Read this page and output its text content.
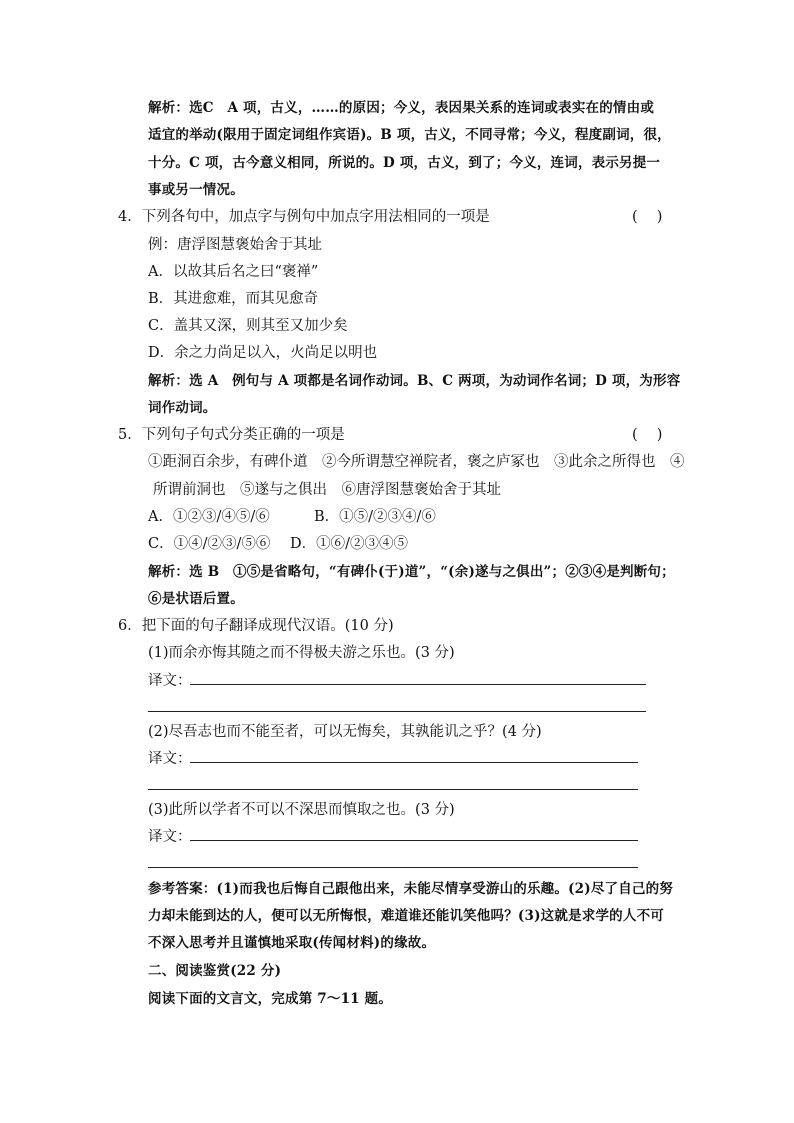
解析：选C　A 项，古义，……的原因；今义，表因果关系的连词或表实在的情由或
适宜的举动(限用于固定词组作宾语)。B 项，古义，不同寻常；今义，程度副词，很，
十分。C 项，古今意义相同，所说的。D 项，古义，到了；今义，连词，表示另提一
事或另一情况。
4．下列各句中，加点字与例句中加点字用法相同的一项是	(　 )
例：唐浮图慧褒始舍于其址
A．以故其后名之曰“褒禅”
B．其进愈难，而其见愈奇
C．盖其又深，则其至又加少矣
D．余之力尚足以入，火尚足以明也
解析：选 A　例句与 A 项都是名词作动词。B、C 两项，为动词作名词；D 项，为形容
词作动词。
5．下列句子句式分类正确的一项是	(　 )
①距洞百余步，有碑仆道　②今所谓慧空禅院者，褒之庐冢也　③此余之所得也　④
所谓前洞也　⑤遂与之俱出　⑥唐浮图慧褒始舍于其址
A．①②③/④⑤/⑥	B．①⑤/②③④/⑥
C．①④/②③/⑤⑥ D．①⑥/②③④⑤
解析：选 B　①⑤是省略句，“有碑仆(于)道”，“(余)遂与之俱出”；②③④是判断句；
⑥是状语后置。
6．把下面的句子翻译成现代汉语。(10 分)
(1)而余亦悔其随之而不得极夫游之乐也。(3 分)
译文：
(2)尽吾志也而不能至者，可以无悔矣，其孰能讥之乎？(4 分)
译文：
(3)此所以学者不可以不深思而慎取之也。(3 分)
译文：
参考答案：(1)而我也后悔自己跟他出来，未能尽情享受游山的乐趣。(2)尽了自己的努
力却未能到达的人，便可以无所悔恨，难道谁还能讥笑他吗？(3)这就是求学的人不可
不深入思考并且谨慎地采取(传闻材料)的缘故。
二、阅读鉴赏(22 分)
阅读下面的文言文，完成第 7～11 题。
